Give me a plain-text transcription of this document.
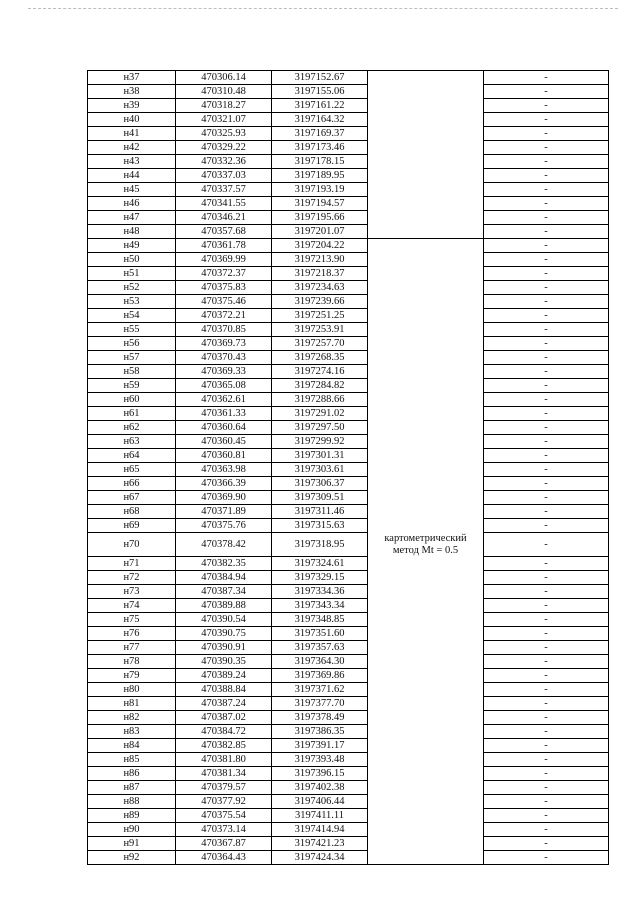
н37	470306.14	3197152.67		-
н38	470310.48	3197155.06		-
н39	470318.27	3197161.22		-
н40	470321.07	3197164.32		-
н41	470325.93	3197169.37		-
н42	470329.22	3197173.46		-
н43	470332.36	3197178.15		-
н44	470337.03	3197189.95		-
н45	470337.57	3197193.19		-
н46	470341.55	3197194.57		-
н47	470346.21	3197195.66		-
н48	470357.68	3197201.07		-
н49	470361.78	3197204.22		-
н50	470369.99	3197213.90		-
н51	470372.37	3197218.37		-
н52	470375.83	3197234.63		-
н53	470375.46	3197239.66		-
н54	470372.21	3197251.25		-
н55	470370.85	3197253.91		-
н56	470369.73	3197257.70		-
н57	470370.43	3197268.35		-
н58	470369.33	3197274.16		-
н59	470365.08	3197284.82		-
н60	470362.61	3197288.66		-
н61	470361.33	3197291.02		-
н62	470360.64	3197297.50		-
н63	470360.45	3197299.92		-
н64	470360.81	3197301.31		-
н65	470363.98	3197303.61		-
н66	470366.39	3197306.37		-
н67	470369.90	3197309.51		-
н68	470371.89	3197311.46		-
н69	470375.76	3197315.63		-
н70	470378.42	3197318.95	картометрический
метод Mt = 0.5	-
н71	470382.35	3197324.61		-
н72	470384.94	3197329.15		-
н73	470387.34	3197334.36		-
н74	470389.88	3197343.34		-
н75	470390.54	3197348.85		-
н76	470390.75	3197351.60		-
н77	470390.91	3197357.63		-
н78	470390.35	3197364.30		-
н79	470389.24	3197369.86		-
н80	470388.84	3197371.62		-
н81	470387.24	3197377.70		-
н82	470387.02	3197378.49		-
н83	470384.72	3197386.35		-
н84	470382.85	3197391.17		-
н85	470381.80	3197393.48		-
н86	470381.34	3197396.15		-
н87	470379.57	3197402.38		-
н88	470377.92	3197406.44		-
н89	470375.54	3197411.11		-
н90	470373.14	3197414.94		-
н91	470367.87	3197421.23		-
н92	470364.43	3197424.34		-
